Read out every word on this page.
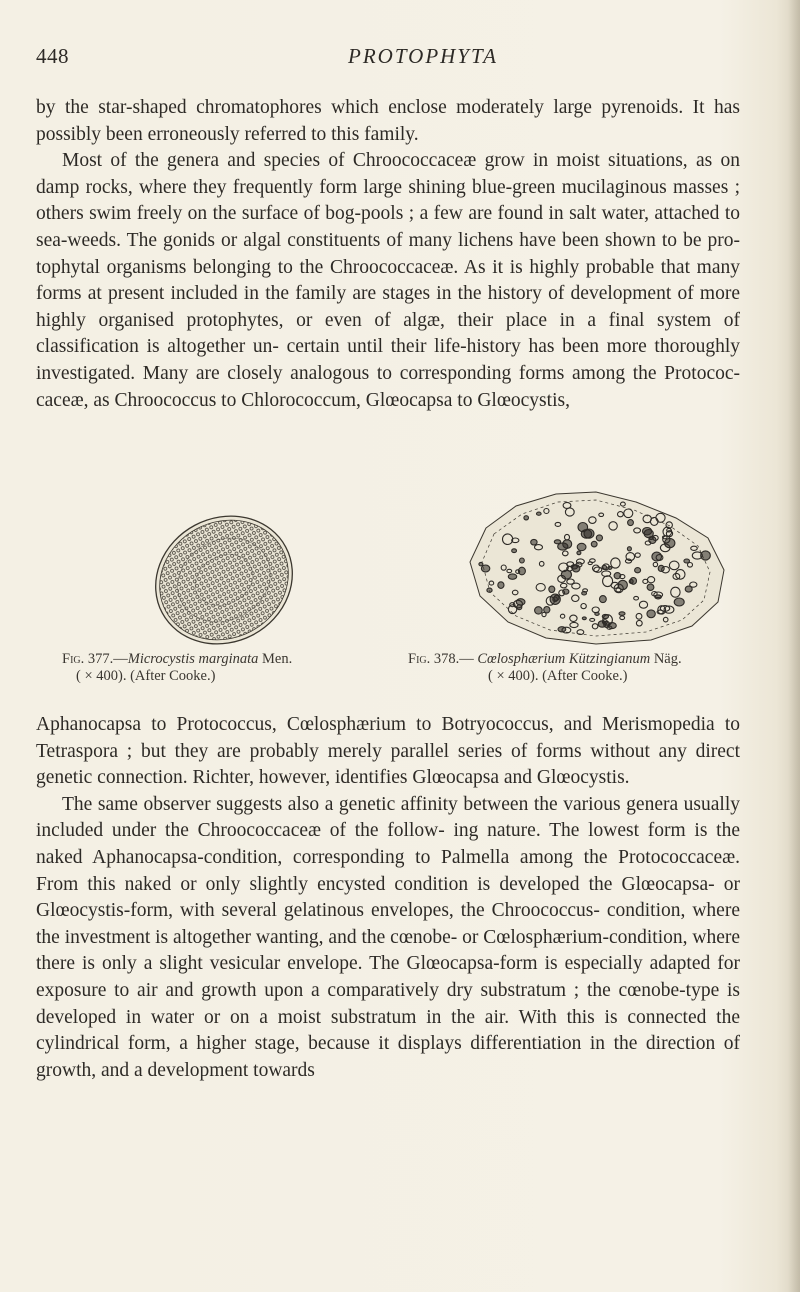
448	PROTOPHYTA

by the star-shaped chromatophores which enclose moderately large pyrenoids. It has possibly been erroneously referred to this family.

Most of the genera and species of Chroococcaceæ grow in moist situations, as on damp rocks, where they frequently form large shining blue-green mucilaginous masses ; others swim freely on the surface of bog-pools ; a few are found in salt water, attached to sea-weeds. The gonids or algal constituents of many lichens have been shown to be pro- tophytal organisms belonging to the Chroococcaceæ. As it is highly probable that many forms at present included in the family are stages in the history of development of more highly organised protophytes, or even of algæ, their place in a final system of classification is altogether un- certain until their life-history has been more thoroughly investigated. Many are closely analogous to corresponding forms among the Protococ- caceæ, as Chroococcus to Chlorococcum, Glœocapsa to Glœocystis,

Fig. 377.—Microcystis marginata Men.
( × 400). (After Cooke.)
Fig. 378.— Cœlosphærium Kützingianum Näg.
( × 400). (After Cooke.)

Aphanocapsa to Protococcus, Cœlosphærium to Botryococcus, and Merismopedia to Tetraspora ; but they are probably merely parallel series of forms without any direct genetic connection. Richter, however, identifies Glœocapsa and Glœocystis.

The same observer suggests also a genetic affinity between the various genera usually included under the Chroococcaceæ of the follow- ing nature. The lowest form is the naked Aphanocapsa-condition, corresponding to Palmella among the Protococcaceæ. From this naked or only slightly encysted condition is developed the Glœocapsa- or Glœocystis-form, with several gelatinous envelopes, the Chroococcus- condition, where the investment is altogether wanting, and the cœnobe- or Cœlosphærium-condition, where there is only a slight vesicular envelope. The Glœocapsa-form is especially adapted for exposure to air and growth upon a comparatively dry substratum ; the cœnobe-type is developed in water or on a moist substratum in the air. With this is connected the cylindrical form, a higher stage, because it displays differentiation in the direction of growth, and a development towards
